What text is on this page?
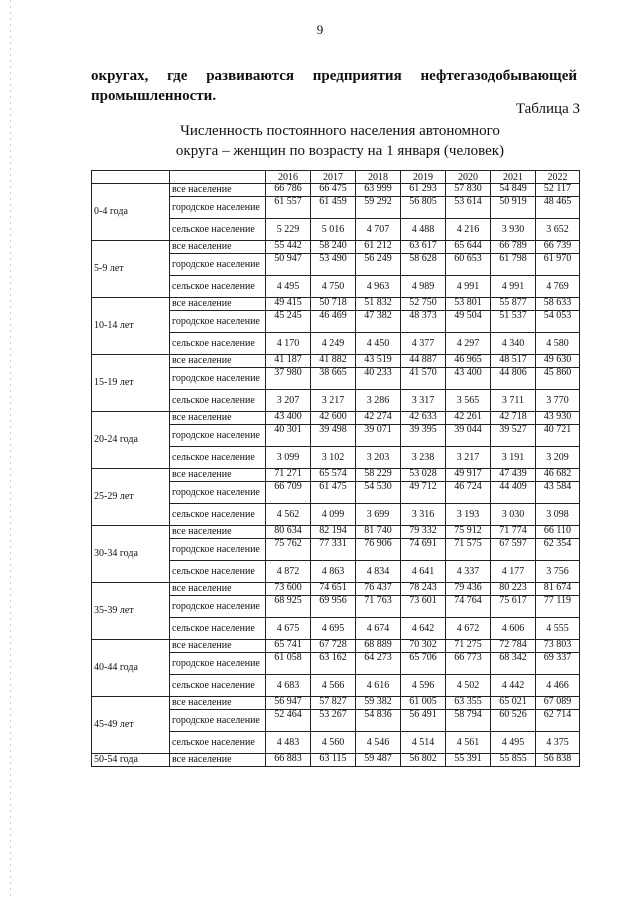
9
округах, где развиваются предприятия нефтегазодобывающей
промышленности.
Таблица 3
Численность постоянного населения автономного
округа – женщин по возрасту на 1 января (человек)
		2016	2017	2018	2019	2020	2021	2022
0-4 года	все население	66 786	66 475	63 999	61 293	57 830	54 849	52 117
	городское население	61 557	61 459	59 292	56 805	53 614	50 919	48 465
	сельское население	5 229	5 016	4 707	4 488	4 216	3 930	3 652
5-9 лет	все население	55 442	58 240	61 212	63 617	65 644	66 789	66 739
	городское население	50 947	53 490	56 249	58 628	60 653	61 798	61 970
	сельское население	4 495	4 750	4 963	4 989	4 991	4 991	4 769
10-14 лет	все население	49 415	50 718	51 832	52 750	53 801	55 877	58 633
	городское население	45 245	46 469	47 382	48 373	49 504	51 537	54 053
	сельское население	4 170	4 249	4 450	4 377	4 297	4 340	4 580
15-19 лет	все население	41 187	41 882	43 519	44 887	46 965	48 517	49 630
	городское население	37 980	38 665	40 233	41 570	43 400	44 806	45 860
	сельское население	3 207	3 217	3 286	3 317	3 565	3 711	3 770
20-24 года	все население	43 400	42 600	42 274	42 633	42 261	42 718	43 930
	городское население	40 301	39 498	39 071	39 395	39 044	39 527	40 721
	сельское население	3 099	3 102	3 203	3 238	3 217	3 191	3 209
25-29 лет	все население	71 271	65 574	58 229	53 028	49 917	47 439	46 682
	городское население	66 709	61 475	54 530	49 712	46 724	44 409	43 584
	сельское население	4 562	4 099	3 699	3 316	3 193	3 030	3 098
30-34 года	все население	80 634	82 194	81 740	79 332	75 912	71 774	66 110
	городское население	75 762	77 331	76 906	74 691	71 575	67 597	62 354
	сельское население	4 872	4 863	4 834	4 641	4 337	4 177	3 756
35-39 лет	все население	73 600	74 651	76 437	78 243	79 436	80 223	81 674
	городское население	68 925	69 956	71 763	73 601	74 764	75 617	77 119
	сельское население	4 675	4 695	4 674	4 642	4 672	4 606	4 555
40-44 года	все население	65 741	67 728	68 889	70 302	71 275	72 784	73 803
	городское население	61 058	63 162	64 273	65 706	66 773	68 342	69 337
	сельское население	4 683	4 566	4 616	4 596	4 502	4 442	4 466
45-49 лет	все население	56 947	57 827	59 382	61 005	63 355	65 021	67 089
	городское население	52 464	53 267	54 836	56 491	58 794	60 526	62 714
	сельское население	4 483	4 560	4 546	4 514	4 561	4 495	4 375
50-54 года	все население	66 883	63 115	59 487	56 802	55 391	55 855	56 838
